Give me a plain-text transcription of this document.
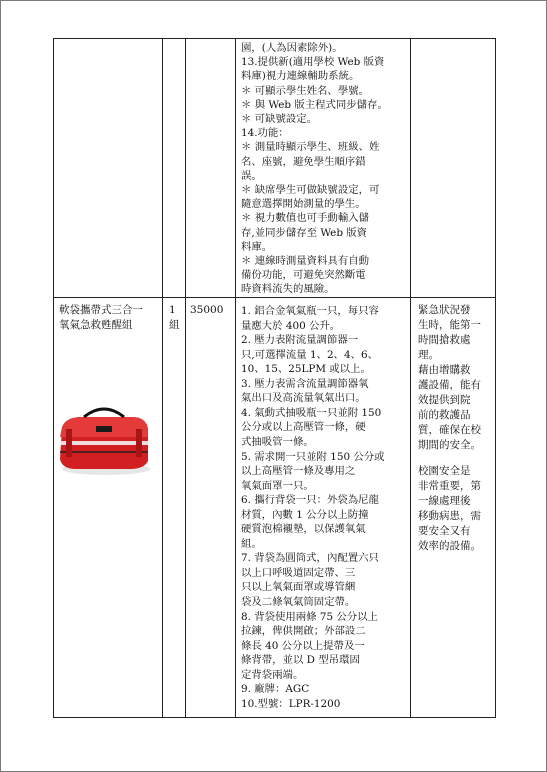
園，(人為因素除外)。
13.提供新(適用學校 Web 版資
料庫)視力連線輔助系統。
＊ 可顯示學生姓名、學號。
＊ 與 Web 版主程式同步儲存。
＊ 可缺號設定。
14.功能：
＊ 測量時顯示學生、班級、姓
名、座號，避免學生順序錯
誤。
＊ 缺席學生可做缺號設定，可
隨意選擇開始測量的學生。
＊ 視力數值也可手動輸入儲
存,並同步儲存至 Web 版資
料庫。
＊ 連線時測量資料具有自動
備份功能，可避免突然斷電
時資料流失的風險。
軟袋攜帶式三合一
氧氣急救甦醒組
1
組
35000 1. 鋁合金氧氣瓶一只，每只容
量應大於 400 公升。
2. 壓力表附流量調節器一
只,可選擇流量 1、2、4、6、
10、15、25LPM 或以上。
3. 壓力表需含流量調節器氧
氣出口及高流量氧氣出口。
4. 氣動式抽吸瓶一只並附 150
公分或以上高壓管一條，硬
式抽吸管一條。
5. 需求開一只並附 150 公分或
以上高壓管一條及專用之
氧氣面罩一只。
6. 攜行背袋一只：外袋為尼龍
材質，內數 1 公分以上防撞
硬質泡棉襯墊，以保護氧氣
組。
7. 背袋為圓筒式，內配置六只
以上口呼吸道固定帶、三
只以上氧氣面罩或導管綑
袋及二條氧氣筒固定帶。
8. 背袋使用兩條 75 公分以上
拉鍊，俾供開啟；外部設二
條長 40 公分以上提帶及一
條背帶，並以 D 型吊環固
定背袋兩端。
9. 廠牌：AGC
10.型號：LPR-1200
緊急狀況發
生時，能第一
時間搶救處
理。
藉由增購救
護設備，能有
效提供到院
前的救護品
質，確保在校
期間的安全。
校園安全是
非常重要，第
一線處理後
移動病患，需
要安全又有
效率的設備。
